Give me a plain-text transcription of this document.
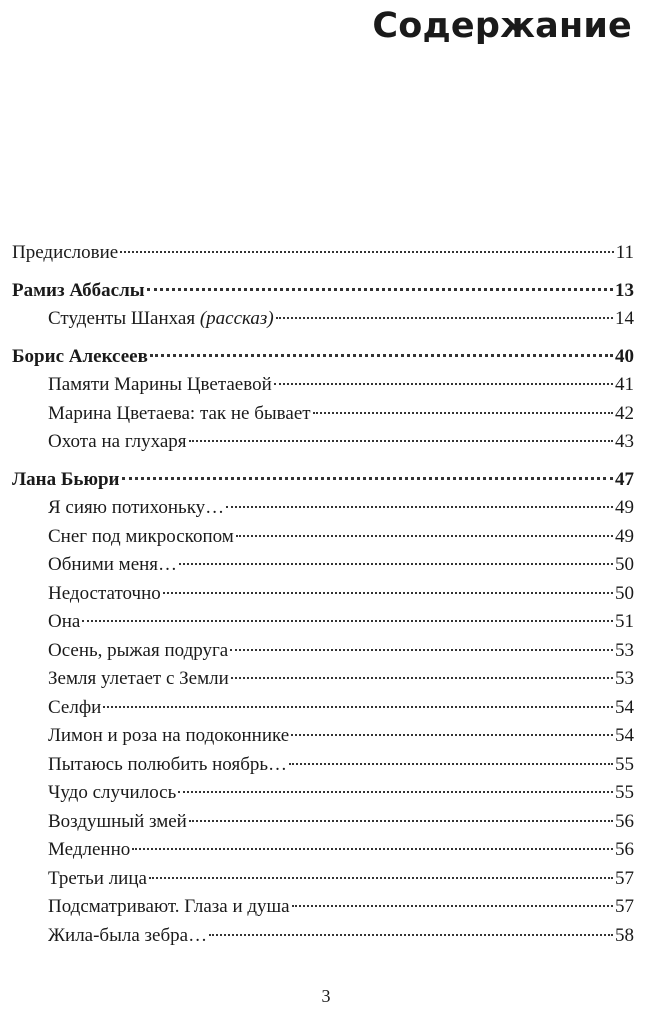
Содержание
Предисловие	11
Рамиз Аббаслы	13
Студенты Шанхая (рассказ)	14
Борис Алексеев	40
Памяти Марины Цветаевой	41
Марина Цветаева: так не бывает	42
Охота на глухаря	43
Лана Бьюри	47
Я сияю потихоньку…	49
Снег под микроскопом	49
Обними меня…	50
Недостаточно	50
Она	51
Осень, рыжая подруга	53
Земля улетает с Земли	53
Селфи	54
Лимон и роза на подоконнике	54
Пытаюсь полюбить ноябрь…	55
Чудо случилось	55
Воздушный змей	56
Медленно	56
Третьи лица	57
Подсматривают. Глаза и душа	57
Жила-была зебра…	58
3
